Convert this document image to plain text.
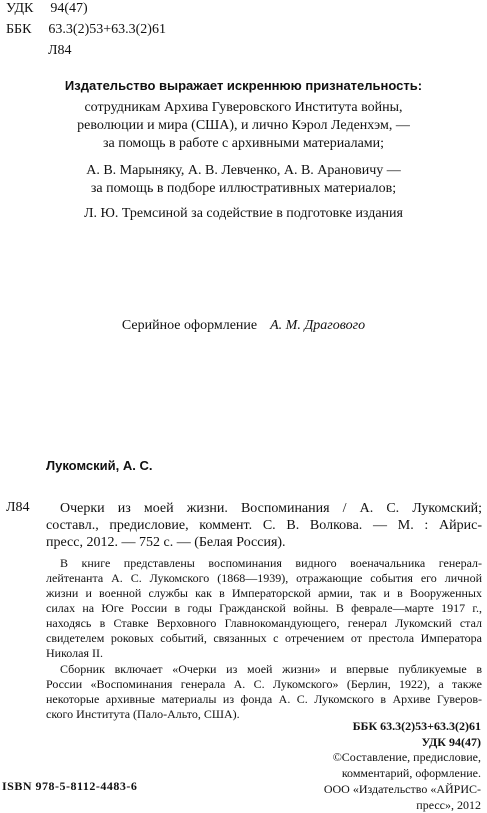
УДК 94(47)
ББК 63.3(2)53+63.3(2)61
Л84
Издательство выражает искреннюю признательность:
сотрудникам Архива Гуверовского Института войны,
революции и мира (США), и лично Кэрол Леденхэм, —
за помощь в работе с архивными материалами;
А. В. Марыняку, А. В. Левченко, А. В. Арановичу —
за помощь в подборе иллюстративных материалов;
Л. Ю. Тремсиной за содействие в подготовке издания
Серийное оформление А. М. Драгового
Лукомский, А. С.
Л84	Очерки из моей жизни. Воспоминания / А. С. Лукомский;
составл., предисловие, коммент. С. В. Волкова. — М. : Айрис-
пресс, 2012. — 752 с. — (Белая Россия).
В книге представлены воспоминания видного военачальника генерал-
лейтенанта А. С. Лукомского (1868—1939), отражающие события его личной
жизни и военной службы как в Императорской армии, так и в Вооруженных
силах на Юге России в годы Гражданской войны. В феврале—марте 1917 г.,
находясь в Ставке Верховного Главнокомандующего, генерал Лукомский стал
свидетелем роковых событий, связанных с отречением от престола Императора
Николая II.
Сборник включает «Очерки из моей жизни» и впервые публикуемые в
России «Воспоминания генерала А. С. Лукомского» (Берлин, 1922), а также
некоторые архивные материалы из фонда А. С. Лукомского в Архиве Гуверов-
ского Института (Пало-Альто, США).
ББК 63.3(2)53+63.3(2)61
УДК 94(47)
©Составление, предисловие,
комментарий, оформление.
ООО «Издательство «АЙРИС-
пресс», 2012
ISBN 978-5-8112-4483-6
